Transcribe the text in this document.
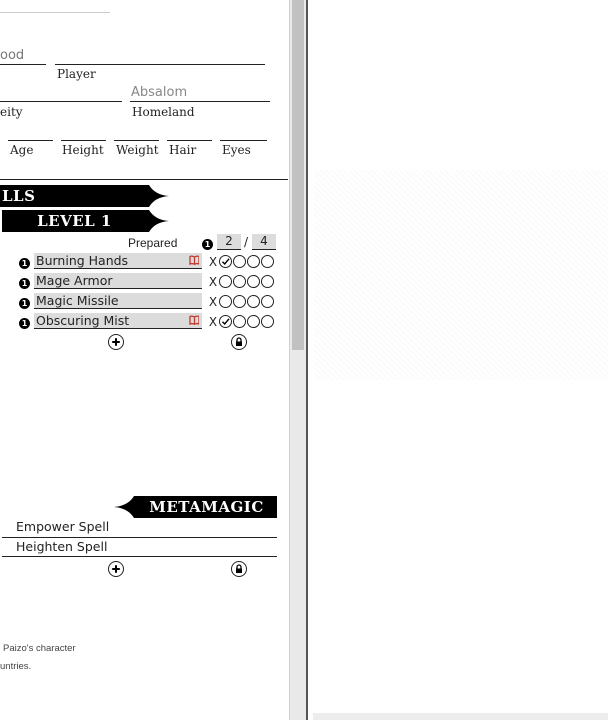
ood
Player
Absalom
eity	Homeland
Age Height Weight Hair Eyes
LLS
LEVEL 1
Prepared	1	2 /	4
1 Burning Hands	X
1 Mage Armor	X
1 Magic Missile	X
1 Obscuring Mist	X
METAMAGIC
Empower Spell
Heighten Spell
Paizo's character
untries.
